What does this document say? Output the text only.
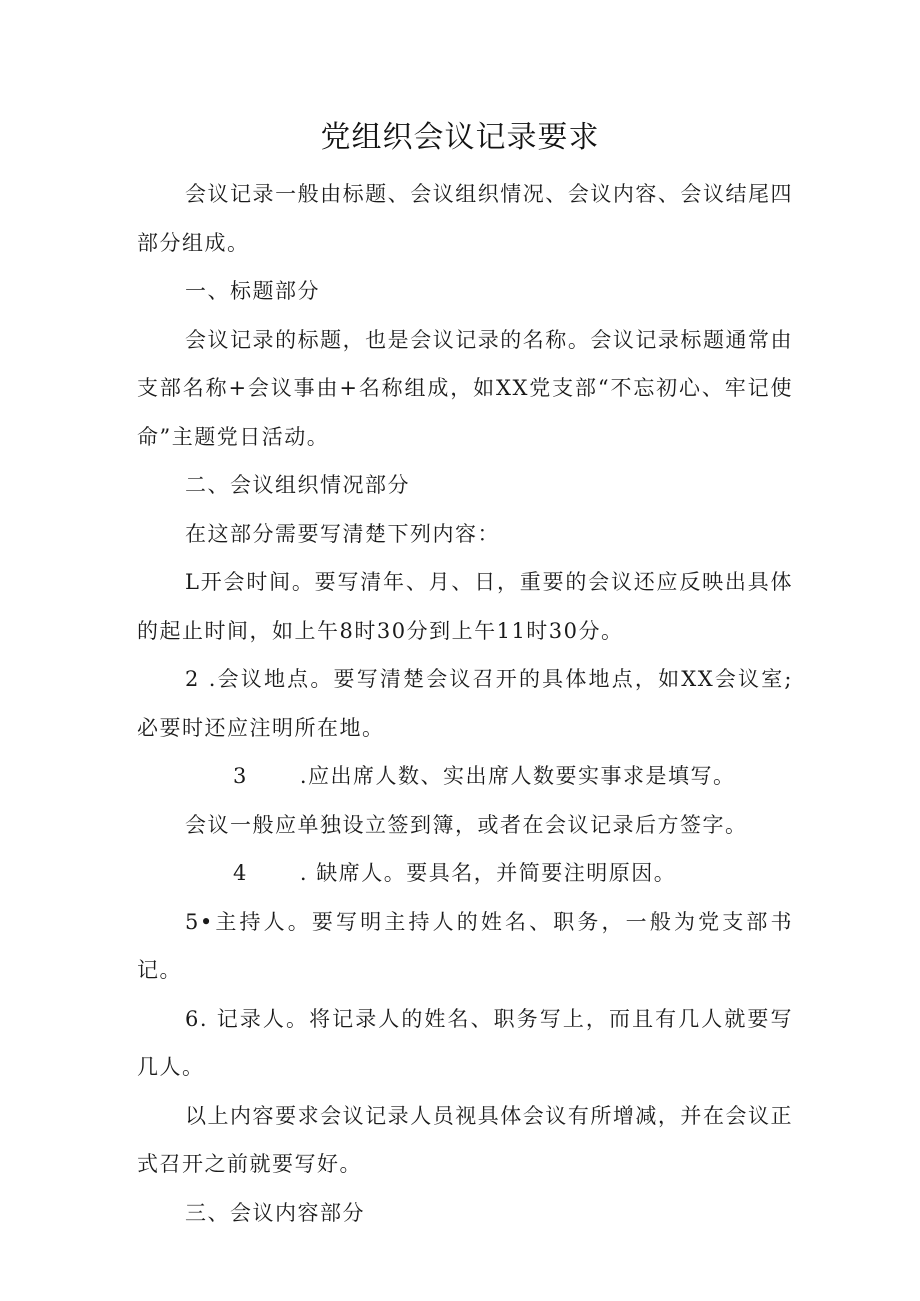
党组织会议记录要求

会议记录一般由标题、会议组织情况、会议内容、会议结尾四部分组成。

一、标题部分

会议记录的标题，也是会议记录的名称。会议记录标题通常由支部名称+会议事由+名称组成，如XX党支部“不忘初心、牢记使命”主题党日活动。

二、会议组织情况部分

在这部分需要写清楚下列内容：

L开会时间。要写清年、月、日，重要的会议还应反映出具体的起止时间，如上午8时30分到上午11时30分。

2 .会议地点。要写清楚会议召开的具体地点，如XX会议室;必要时还应注明所在地。

3 .应出席人数、实出席人数要实事求是填写。

会议一般应单独设立签到簿，或者在会议记录后方签字。

4 . 缺席人。要具名，并简要注明原因。

5•主持人。要写明主持人的姓名、职务，一般为党支部书记。

6. 记录人。将记录人的姓名、职务写上，而且有几人就要写几人。

以上内容要求会议记录人员视具体会议有所增减，并在会议正式召开之前就要写好。

三、会议内容部分
